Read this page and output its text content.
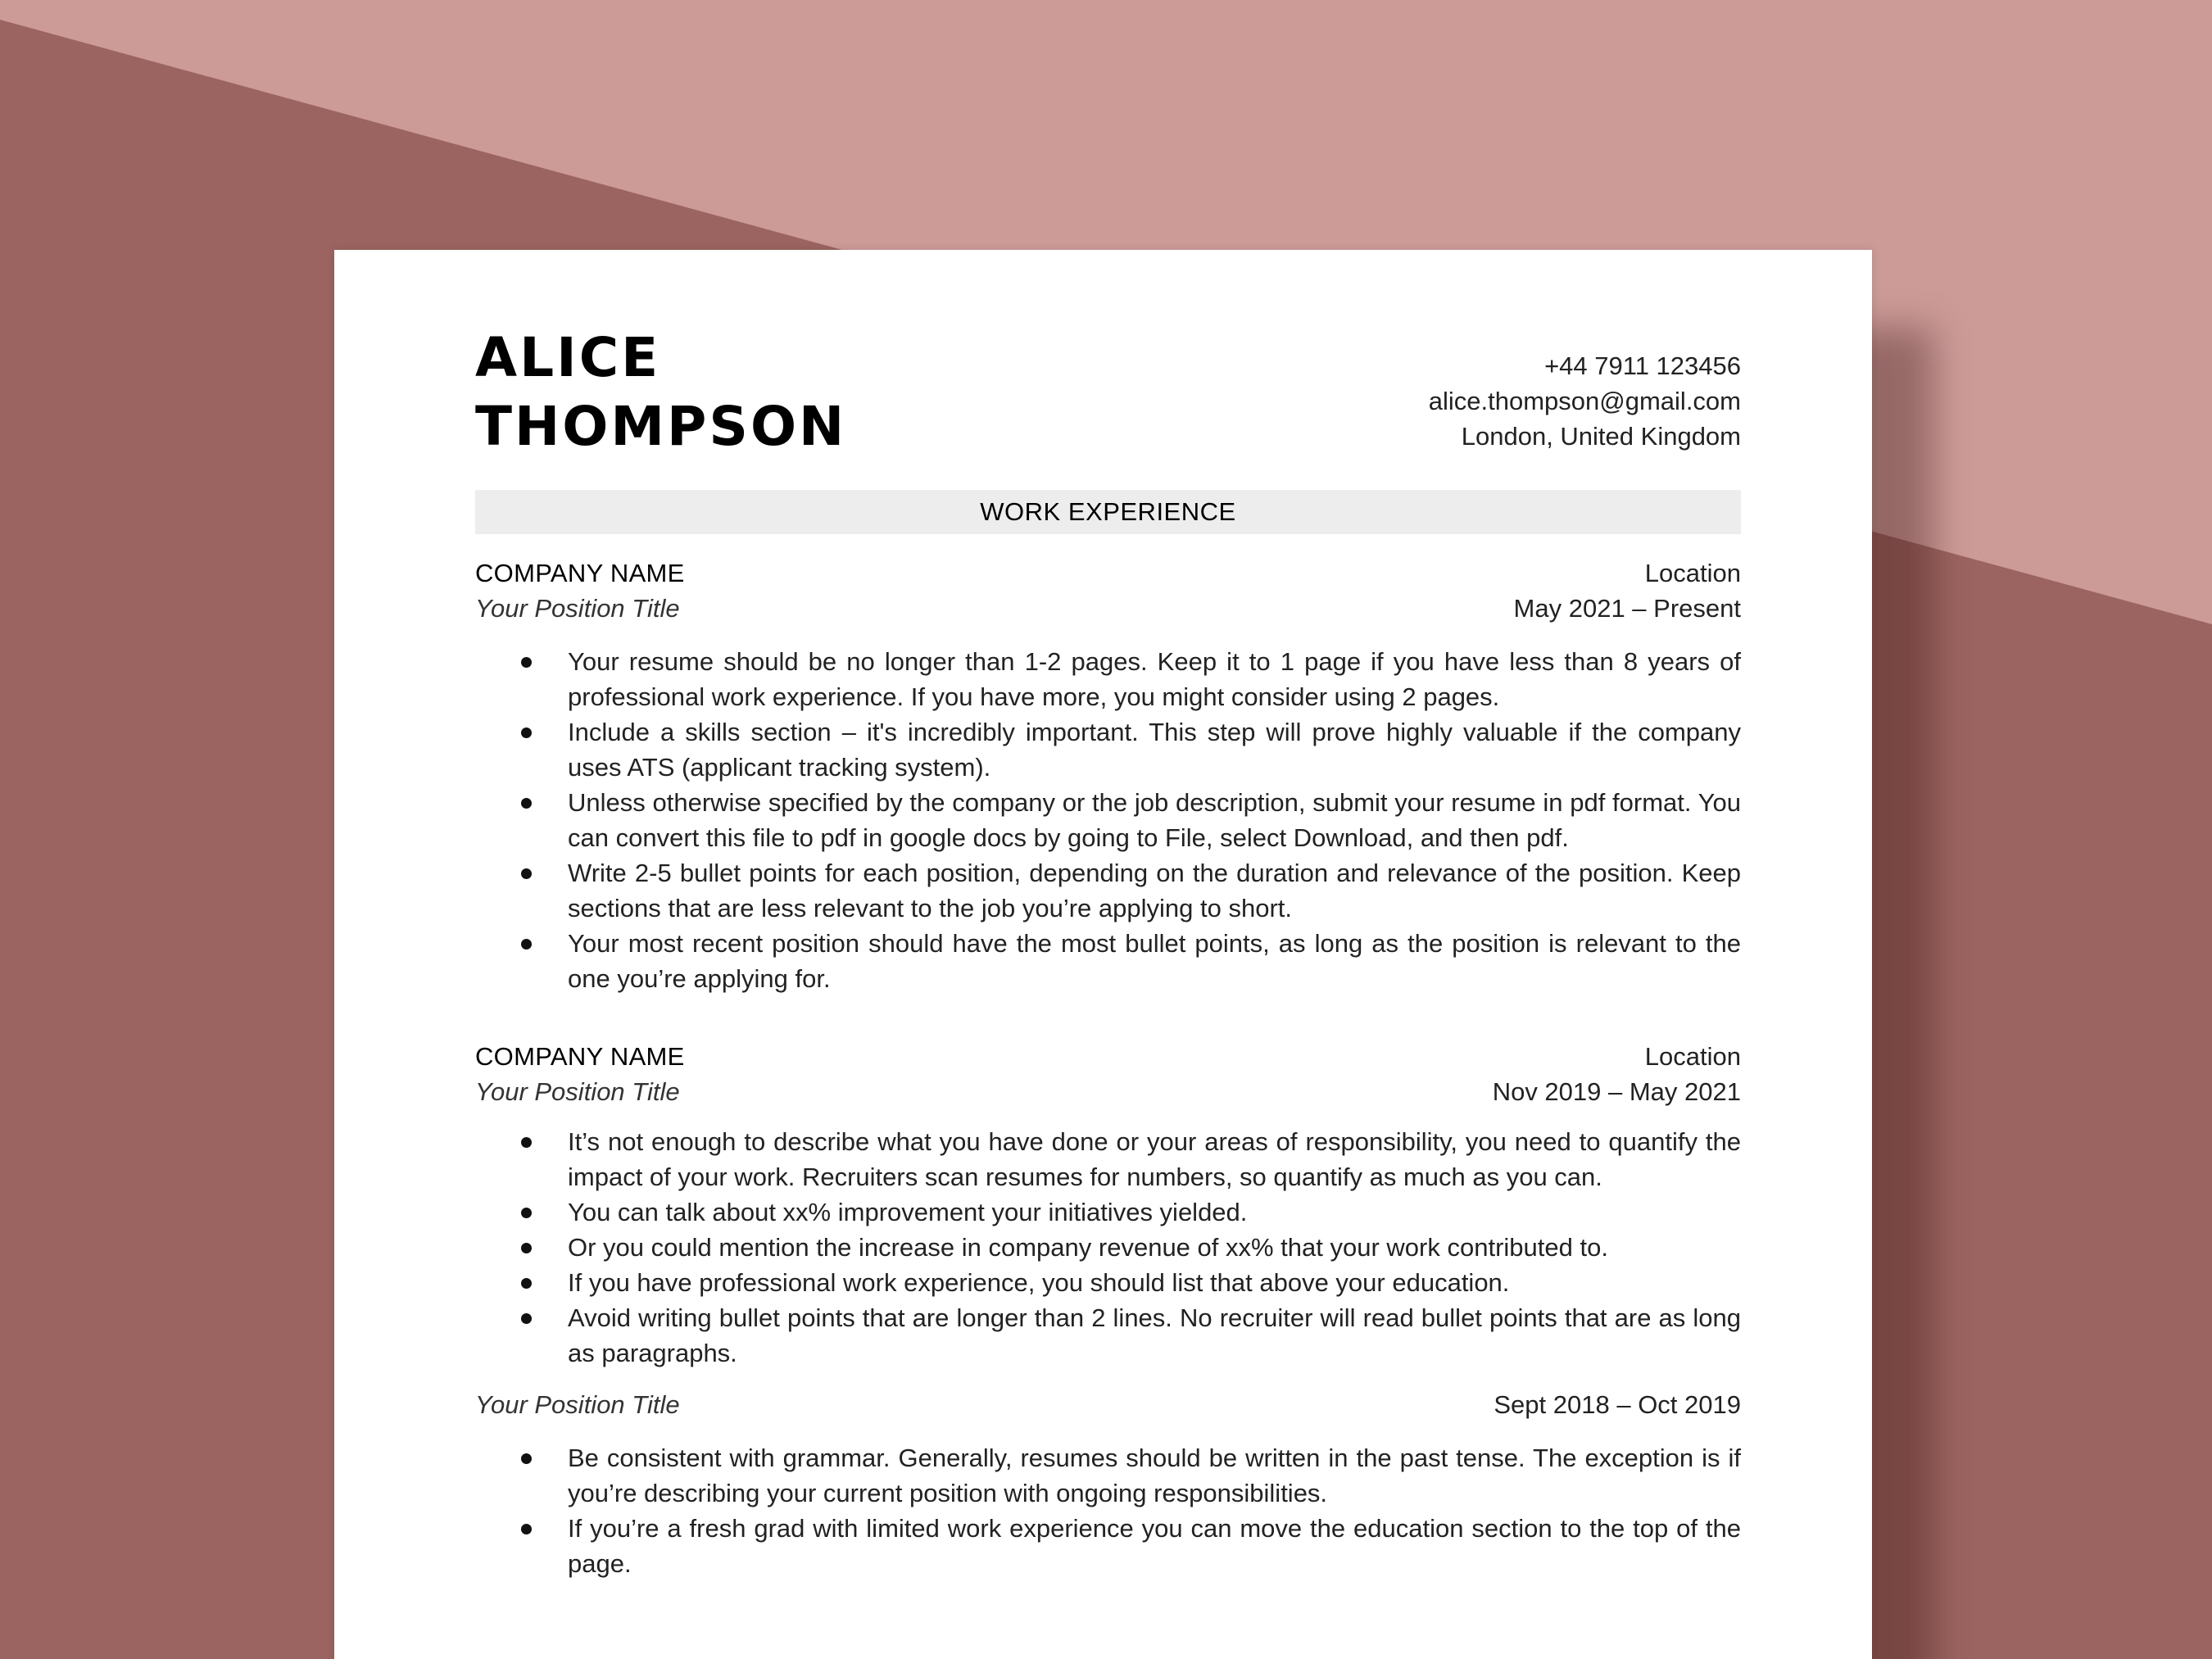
ALICE
THOMPSON
+44 7911 123456
alice.thompson@gmail.com
London, United Kingdom
WORK EXPERIENCE
COMPANY NAME	Location
Your Position Title	May 2021 – Present
Your resume should be no longer than 1-2 pages. Keep it to 1 page if you have less than 8 years of professional work experience. If you have more, you might consider using 2 pages.
Include a skills section – it's incredibly important. This step will prove highly valuable if the company uses ATS (applicant tracking system).
Unless otherwise specified by the company or the job description, submit your resume in pdf format. You can convert this file to pdf in google docs by going to File, select Download, and then pdf.
Write 2-5 bullet points for each position, depending on the duration and relevance of the position. Keep sections that are less relevant to the job you’re applying to short.
Your most recent position should have the most bullet points, as long as the position is relevant to the one you’re applying for.
COMPANY NAME	Location
Your Position Title	Nov 2019 – May 2021
It’s not enough to describe what you have done or your areas of responsibility, you need to quantify the impact of your work. Recruiters scan resumes for numbers, so quantify as much as you can.
You can talk about xx% improvement your initiatives yielded.
Or you could mention the increase in company revenue of xx% that your work contributed to.
If you have professional work experience, you should list that above your education.
Avoid writing bullet points that are longer than 2 lines. No recruiter will read bullet points that are as long as paragraphs.
Your Position Title	Sept 2018 – Oct 2019
Be consistent with grammar. Generally, resumes should be written in the past tense. The exception is if you’re describing your current position with ongoing responsibilities.
If you’re a fresh grad with limited work experience you can move the education section to the top of the page.
